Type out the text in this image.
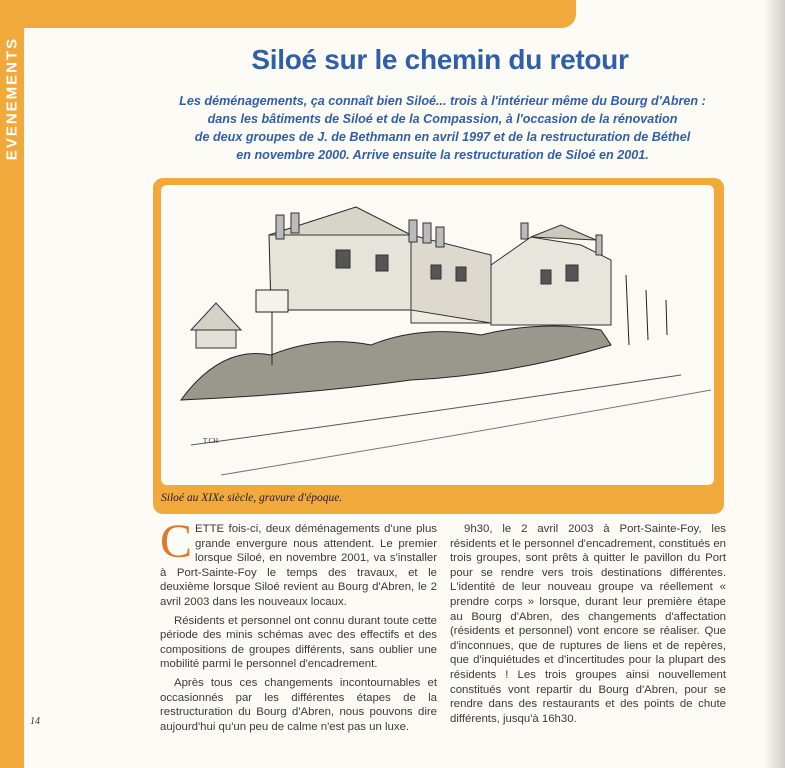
EVENEMENTS	Siloé sur le chemin du retour
Les déménagements, ça connaît bien Siloé... trois à l'intérieur même du Bourg d'Abren :
dans les bâtiments de Siloé et de la Compassion, à l'occasion de la rénovation
de deux groupes de J. de Bethmann en avril 1997 et de la restructuration de Béthel
en novembre 2000. Arrive ensuite la restructuration de Siloé en 2001.
T.CH
Siloé au XIXe siècle, gravure d'époque.

CETTE fois-ci, deux déménagements d'une plus grande envergure nous attendent. Le premier lorsque Siloé, en novembre 2001, va s'installer à Port-Sainte-Foy le temps des travaux, et le deuxième lorsque Siloé revient au Bourg d'Abren, le 2 avril 2003 dans les nouveaux locaux.

Résidents et personnel ont connu durant toute cette période des minis schémas avec des effectifs et des compositions de groupes différents, sans oublier une mobilité parmi le personnel d'encadrement.

Après tous ces changements incontournables et occasionnés par les différentes étapes de la restructuration du Bourg d'Abren, nous pouvons dire aujourd'hui qu'un peu de calme n'est pas un luxe.

9h30, le 2 avril 2003 à Port-Sainte-Foy, les résidents et le personnel d'encadrement, constitués en trois groupes, sont prêts à quitter le pavillon du Port pour se rendre vers trois destinations différentes. L'identité de leur nouveau groupe va réellement « prendre corps » lorsque, durant leur première étape au Bourg d'Abren, des changements d'affectation (résidents et personnel) vont encore se réaliser. Que d'inconnues, que de ruptures de liens et de repères, que d'inquiétudes et d'incertitudes pour la plupart des résidents ! Les trois groupes ainsi nouvellement constitués vont repartir du Bourg d'Abren, pour se rendre dans des restaurants et des points de chute différents, jusqu'à 16h30.

14
